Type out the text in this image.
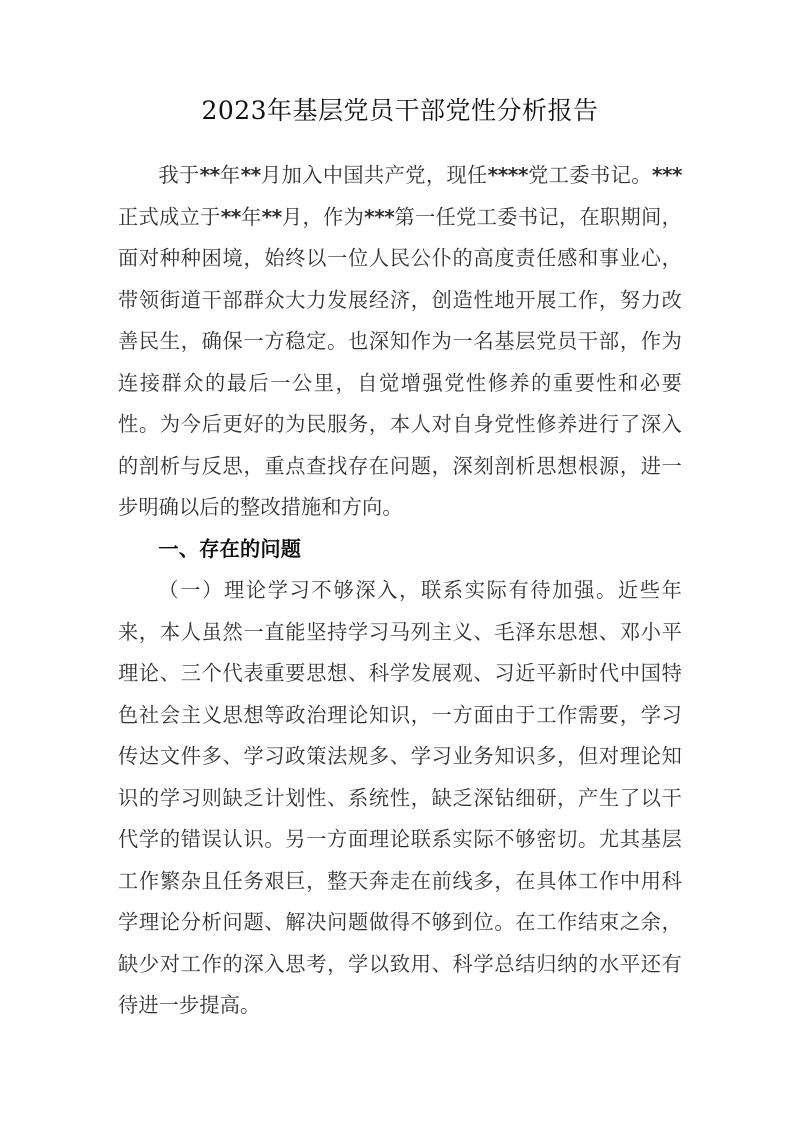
2023年基层党员干部党性分析报告

我于**年**月加入中国共产党，现任****党工委书记。***正式成立于**年**月，作为***第一任党工委书记，在职期间，面对种种困境，始终以一位人民公仆的高度责任感和事业心，带领街道干部群众大力发展经济，创造性地开展工作，努力改善民生，确保一方稳定。也深知作为一名基层党员干部，作为连接群众的最后一公里，自觉增强党性修养的重要性和必要性。为今后更好的为民服务，本人对自身党性修养进行了深入的剖析与反思，重点查找存在问题，深刻剖析思想根源，进一步明确以后的整改措施和方向。

一、存在的问题

（一）理论学习不够深入，联系实际有待加强。近些年来，本人虽然一直能坚持学习马列主义、毛泽东思想、邓小平理论、三个代表重要思想、科学发展观、习近平新时代中国特色社会主义思想等政治理论知识，一方面由于工作需要，学习传达文件多、学习政策法规多、学习业务知识多，但对理论知识的学习则缺乏计划性、系统性，缺乏深钻细研，产生了以干代学的错误认识。另一方面理论联系实际不够密切。尤其基层工作繁杂且任务艰巨，整天奔走在前线多，在具体工作中用科学理论分析问题、解决问题做得不够到位。在工作结束之余，缺少对工作的深入思考，学以致用、科学总结归纳的水平还有待进一步提高。
